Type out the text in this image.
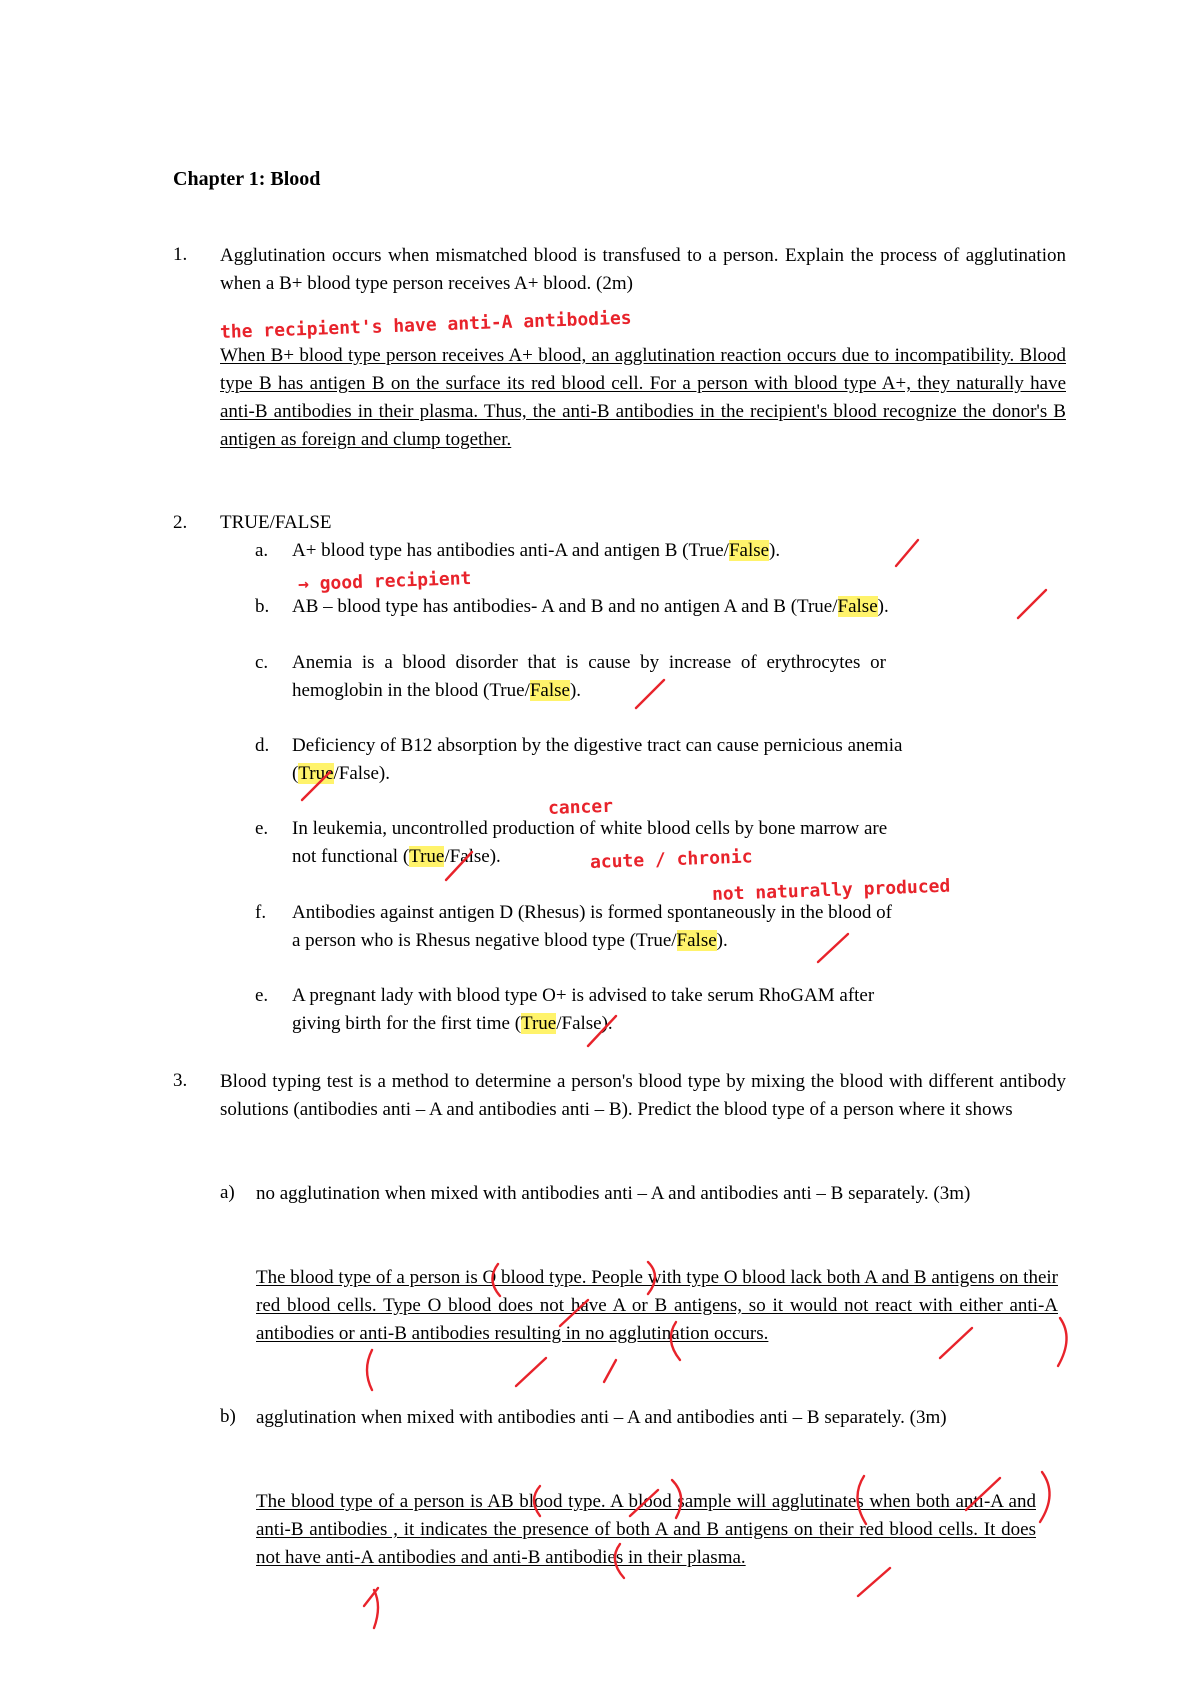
Chapter 1: Blood
1. Agglutination occurs when mismatched blood is transfused to a person. Explain the process of agglutination when a B+ blood type person receives A+ blood. (2m)
the recipient's have anti-A antibodies
When B+ blood type person receives A+ blood, an agglutination reaction occurs due to incompatibility. Blood type B has antigen B on the surface its red blood cell. For a person with blood type A+, they naturally have anti-B antibodies in their plasma. Thus, the anti-B antibodies in the recipient's blood recognize the donor's B antigen as foreign and clump together.
2. TRUE/FALSE
a. A+ blood type has antibodies anti-A and antigen B (True/False).
→ good recipient
b. AB – blood type has antibodies- A and B and no antigen A and B (True/False).
c. Anemia is a blood disorder that is cause by increase of erythrocytes or
hemoglobin in the blood (True/False).
d. Deficiency of B12 absorption by the digestive tract can cause pernicious anemia
(True/False).
cancer
e. In leukemia, uncontrolled production of white blood cells by bone marrow are
not functional (True/False).	acute / chronic
not naturally produced
f. Antibodies against antigen D (Rhesus) is formed spontaneously in the blood of
a person who is Rhesus negative blood type (True/False).
e. A pregnant lady with blood type O+ is advised to take serum RhoGAM after
giving birth for the first time (True/False).
3. Blood typing test is a method to determine a person's blood type by mixing the blood with different antibody solutions (antibodies anti – A and antibodies anti – B). Predict the blood type of a person where it shows
a) no agglutination when mixed with antibodies anti – A and antibodies anti – B separately. (3m)
The blood type of a person is O blood type. People with type O blood lack both A and B antigens on their red blood cells. Type O blood does not have A or B antigens, so it would not react with either anti-A antibodies or anti-B antibodies resulting in no agglutination occurs.
b) agglutination when mixed with antibodies anti – A and antibodies anti – B separately. (3m)
The blood type of a person is AB blood type. A blood sample will agglutinates when both anti-A and anti-B antibodies , it indicates the presence of both A and B antigens on their red blood cells. It does not have anti-A antibodies and anti-B antibodies in their plasma.
